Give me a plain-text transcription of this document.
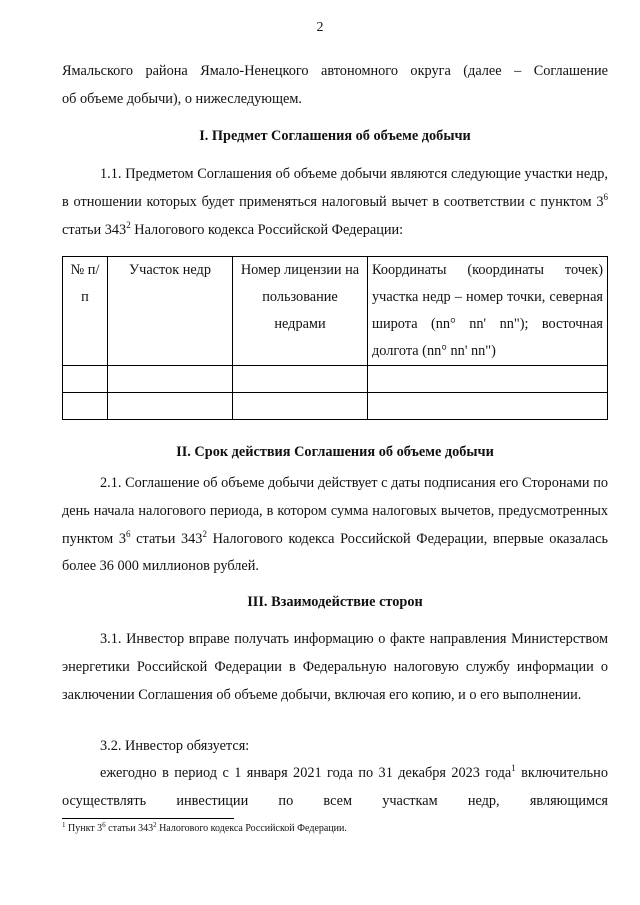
2
Ямальского района Ямало-Ненецкого автономного округа (далее – Соглашение
об объеме добычи), о нижеследующем.
I. Предмет Соглашения об объеме добычи

1.1. Предметом Соглашения об объеме добычи являются следующие участки недр, в отношении которых будет применяться налоговый вычет в соответствии с пунктом $3^6$ статьи $343^2$ Налогового кодекса Российской Федерации:

№ п/п	Участок недр	Номер лицензии на пользование недрами	Координаты (координаты точек) участка недр – номер точки, северная широта (nn° nn' nn"); восточная долгота (nn° nn' nn")

II. Срок действия Соглашения об объеме добычи

2.1. Соглашение об объеме добычи действует с даты подписания его Сторонами по день начала налогового периода, в котором сумма налоговых вычетов, предусмотренных пунктом $3^6$ статьи $343^2$ Налогового кодекса Российской Федерации, впервые оказалась более 36 000 миллионов рублей.

III. Взаимодействие сторон

3.1. Инвестор вправе получать информацию о факте направления Министерством энергетики Российской Федерации в Федеральную налоговую службу информации о заключении Соглашения об объеме добычи, включая его копию, и о его выполнении.

3.2. Инвестор обязуется:

ежегодно в период с 1 января 2021 года по 31 декабря 2023 года$^1$ включительно осуществлять инвестиции по всем участкам недр, являющимся

$^1$ Пункт $3^6$ статьи $343^2$ Налогового кодекса Российской Федерации.
